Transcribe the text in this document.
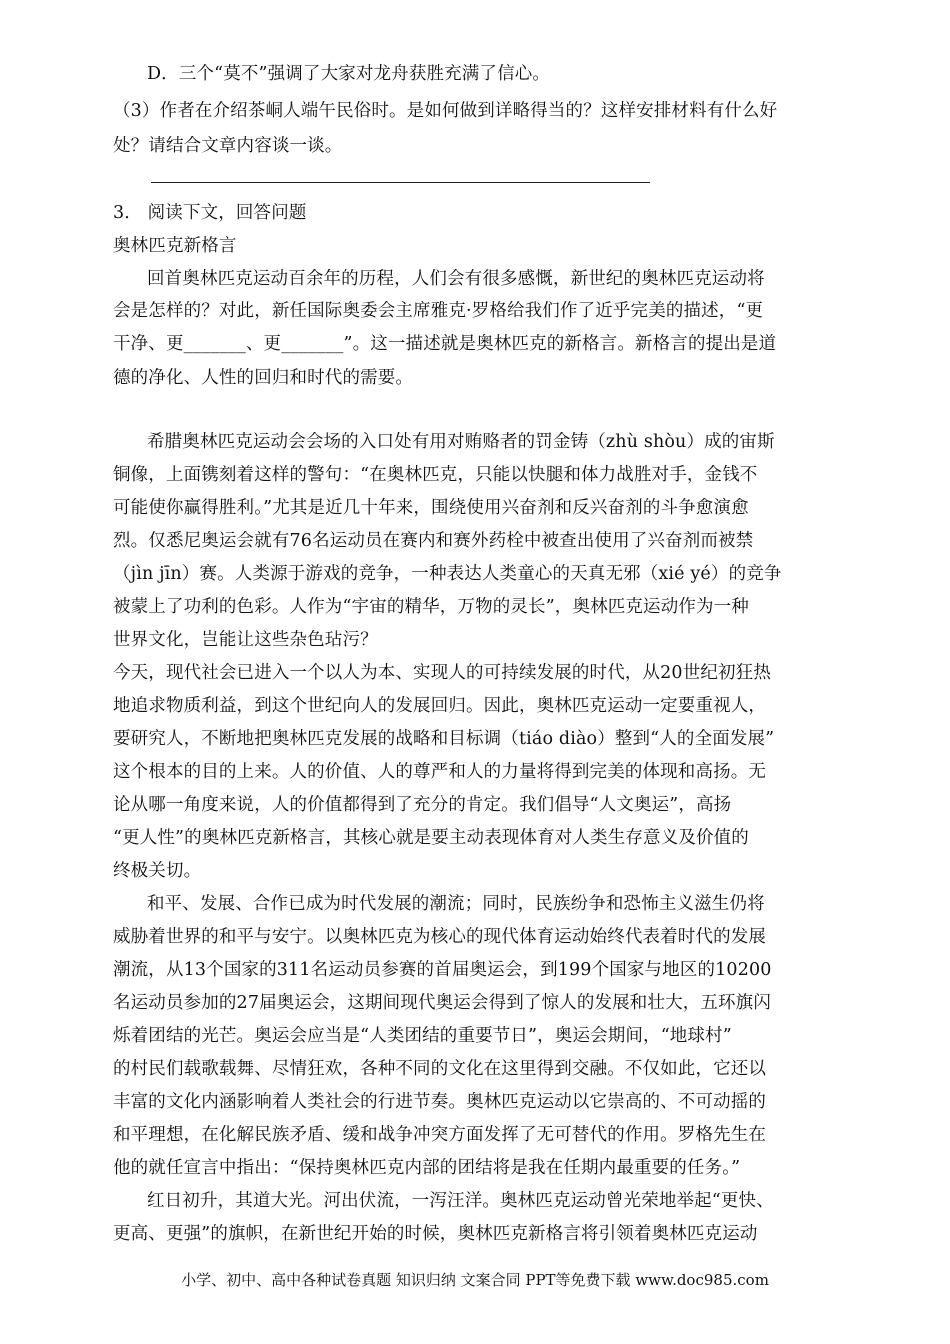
D．三个“莫不”强调了大家对龙舟获胜充满了信心。
（3）作者在介绍茶峒人端午民俗时。是如何做到详略得当的？这样安排材料有什么好
处？请结合文章内容谈一谈。
3． 阅读下文，回答问题
奥林匹克新格言
回首奥林匹克运动百余年的历程，人们会有很多感慨，新世纪的奥林匹克运动将
会是怎样的？对此，新任国际奥委会主席雅克·罗格给我们作了近乎完美的描述，“更
干净、更_______、更_______”。这一描述就是奥林匹克的新格言。新格言的提出是道
德的净化、人性的回归和时代的需要。
希腊奥林匹克运动会会场的入口处有用对贿赂者的罚金铸（zhù shòu）成的宙斯
铜像，上面镌刻着这样的警句：“在奥林匹克，只能以快腿和体力战胜对手，金钱不
可能使你赢得胜利。”尤其是近几十年来，围绕使用兴奋剂和反兴奋剂的斗争愈演愈
烈。仅悉尼奥运会就有76名运动员在赛内和赛外药栓中被查出使用了兴奋剂而被禁
（jìn jīn）赛。人类源于游戏的竞争，一种表达人类童心的天真无邪（xié yé）的竞争
被蒙上了功利的色彩。人作为“宇宙的精华，万物的灵长”，奥林匹克运动作为一种
世界文化，岂能让这些杂色玷污？
今天，现代社会已进入一个以人为本、实现人的可持续发展的时代，从20世纪初狂热
地追求物质利益，到这个世纪向人的发展回归。因此，奥林匹克运动一定要重视人，
要研究人，不断地把奥林匹克发展的战略和目标调（tiáo diào）整到“人的全面发展”
这个根本的目的上来。人的价值、人的尊严和人的力量将得到完美的体现和高扬。无
论从哪一角度来说，人的价值都得到了充分的肯定。我们倡导“人文奥运”，高扬
“更人性”的奥林匹克新格言，其核心就是要主动表现体育对人类生存意义及价值的
终极关切。
和平、发展、合作已成为时代发展的潮流；同时，民族纷争和恐怖主义滋生仍将
威胁着世界的和平与安宁。以奥林匹克为核心的现代体育运动始终代表着时代的发展
潮流，从13个国家的311名运动员参赛的首届奥运会，到199个国家与地区的10200
名运动员参加的27届奥运会，这期间现代奥运会得到了惊人的发展和壮大，五环旗闪
烁着团结的光芒。奥运会应当是“人类团结的重要节日”，奥运会期间，“地球村”
的村民们载歌载舞、尽情狂欢，各种不同的文化在这里得到交融。不仅如此，它还以
丰富的文化内涵影响着人类社会的行进节奏。奥林匹克运动以它崇高的、不可动摇的
和平理想，在化解民族矛盾、缓和战争冲突方面发挥了无可替代的作用。罗格先生在
他的就任宣言中指出：“保持奥林匹克内部的团结将是我在任期内最重要的任务。”
红日初升，其道大光。河出伏流，一泻汪洋。奥林匹克运动曾光荣地举起“更快、
更高、更强”的旗帜，在新世纪开始的时候，奥林匹克新格言将引领着奥林匹克运动
小学、初中、高中各种试卷真题 知识归纳 文案合同 PPT等免费下载 www.doc985.com
